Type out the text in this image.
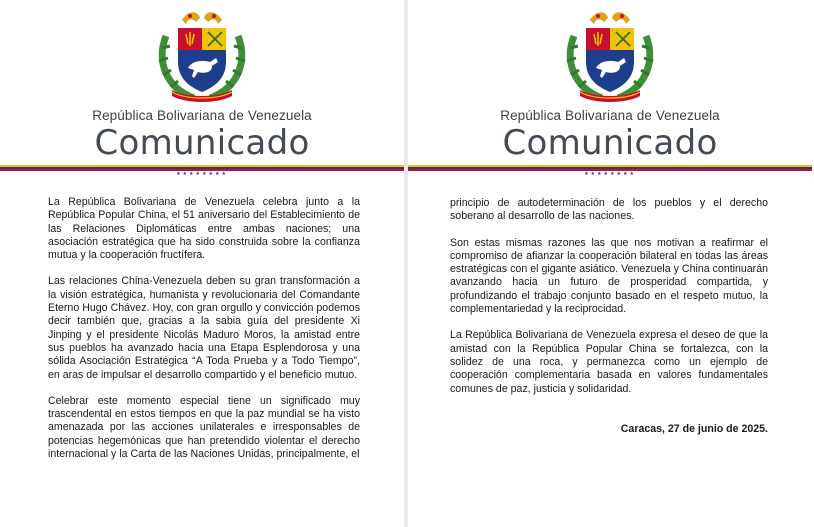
República Bolivariana de Venezuela
Comunicado
★★★★★★★★

La República Bolivariana de Venezuela celebra junto a la República Popular China, el 51 aniversario del Establecimiento de las Relaciones Diplomáticas entre ambas naciones; una asociación estratégica que ha sido construida sobre la confianza mutua y la cooperación fructífera.

Las relaciones China-Venezuela deben su gran transformación a la visión estratégica, humanista y revolucionaria del Comandante Eterno Hugo Chávez. Hoy, con gran orgullo y convicción podemos decir también que, gracias a la sabia guía del presidente Xi Jinping y el presidente Nicolás Maduro Moros, la amistad entre sus pueblos ha avanzado hacia una Etapa Esplendorosa y una sólida Asociación Estratégica “A Toda Prueba y a Todo Tiempo”, en aras de impulsar el desarrollo compartido y el beneficio mutuo.

Celebrar este momento especial tiene un significado muy trascendental en estos tiempos en que la paz mundial se ha visto amenazada por las acciones unilaterales e irresponsables de potencias hegemónicas que han pretendido violentar el derecho internacional y la Carta de las Naciones Unidas, principalmente, el

República Bolivariana de Venezuela
Comunicado
★★★★★★★★

principio de autodeterminación de los pueblos y el derecho soberano al desarrollo de las naciones.

Son estas mismas razones las que nos motivan a reafirmar el compromiso de afianzar la cooperación bilateral en todas las áreas estratégicas con el gigante asiático. Venezuela y China continuarán avanzando hacia un futuro de prosperidad compartida, y profundizando el trabajo conjunto basado en el respeto mutuo, la complementariedad y la reciprocidad.

La República Bolivariana de Venezuela expresa el deseo de que la amistad con la República Popular China se fortalezca, con la solidez de una roca, y permanezca como un ejemplo de cooperación complementaria basada en valores fundamentales comunes de paz, justicia y solidaridad.

Caracas, 27 de junio de 2025.
